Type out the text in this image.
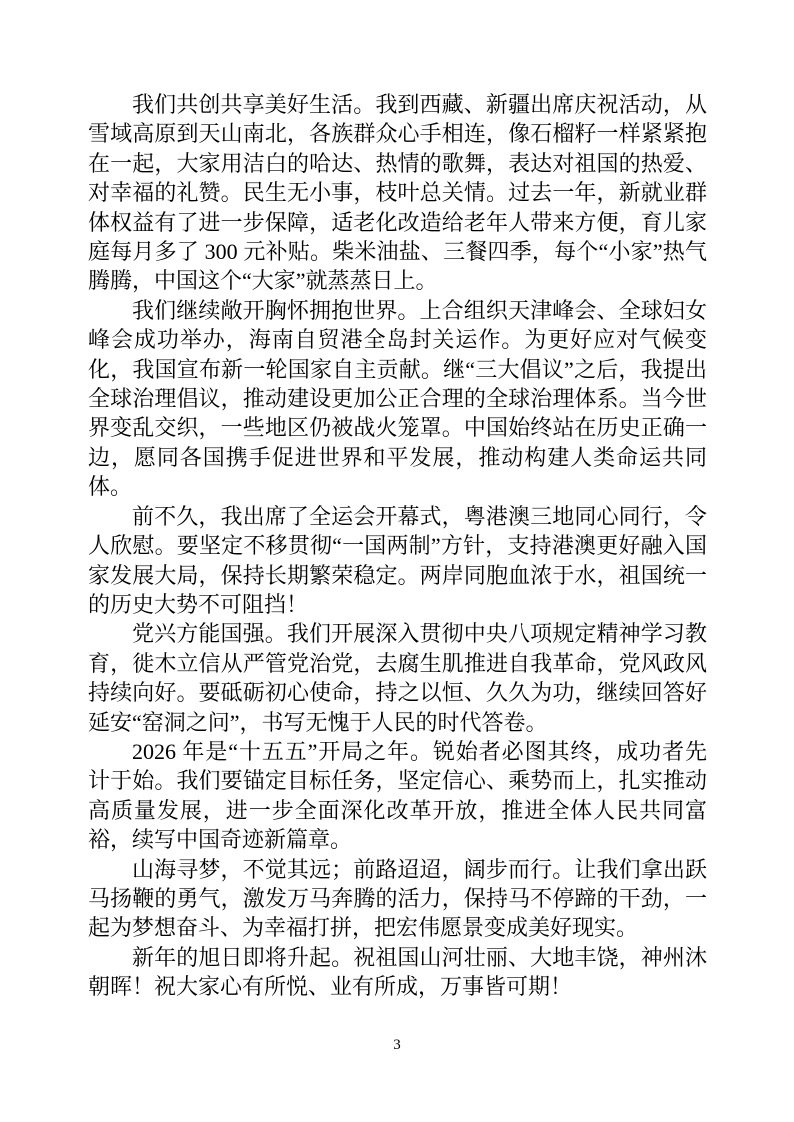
我们共创共享美好生活。我到西藏、新疆出席庆祝活动，从雪域高原到天山南北，各族群众心手相连，像石榴籽一样紧紧抱在一起，大家用洁白的哈达、热情的歌舞，表达对祖国的热爱、对幸福的礼赞。民生无小事，枝叶总关情。过去一年，新就业群体权益有了进一步保障，适老化改造给老年人带来方便，育儿家庭每月多了 300 元补贴。柴米油盐、三餐四季，每个“小家”热气腾腾，中国这个“大家”就蒸蒸日上。

我们继续敞开胸怀拥抱世界。上合组织天津峰会、全球妇女峰会成功举办，海南自贸港全岛封关运作。为更好应对气候变化，我国宣布新一轮国家自主贡献。继“三大倡议”之后，我提出全球治理倡议，推动建设更加公正合理的全球治理体系。当今世界变乱交织，一些地区仍被战火笼罩。中国始终站在历史正确一边，愿同各国携手促进世界和平发展，推动构建人类命运共同体。

前不久，我出席了全运会开幕式，粤港澳三地同心同行，令人欣慰。要坚定不移贯彻“一国两制”方针，支持港澳更好融入国家发展大局，保持长期繁荣稳定。两岸同胞血浓于水，祖国统一的历史大势不可阻挡！

党兴方能国强。我们开展深入贯彻中央八项规定精神学习教育，徙木立信从严管党治党，去腐生肌推进自我革命，党风政风持续向好。要砥砺初心使命，持之以恒、久久为功，继续回答好延安“窑洞之问”，书写无愧于人民的时代答卷。

2026 年是“十五五”开局之年。锐始者必图其终，成功者先计于始。我们要锚定目标任务，坚定信心、乘势而上，扎实推动高质量发展，进一步全面深化改革开放，推进全体人民共同富裕，续写中国奇迹新篇章。

山海寻梦，不觉其远；前路迢迢，阔步而行。让我们拿出跃马扬鞭的勇气，激发万马奔腾的活力，保持马不停蹄的干劲，一起为梦想奋斗、为幸福打拼，把宏伟愿景变成美好现实。

新年的旭日即将升起。祝祖国山河壮丽、大地丰饶，神州沐朝晖！祝大家心有所悦、业有所成，万事皆可期！

3
